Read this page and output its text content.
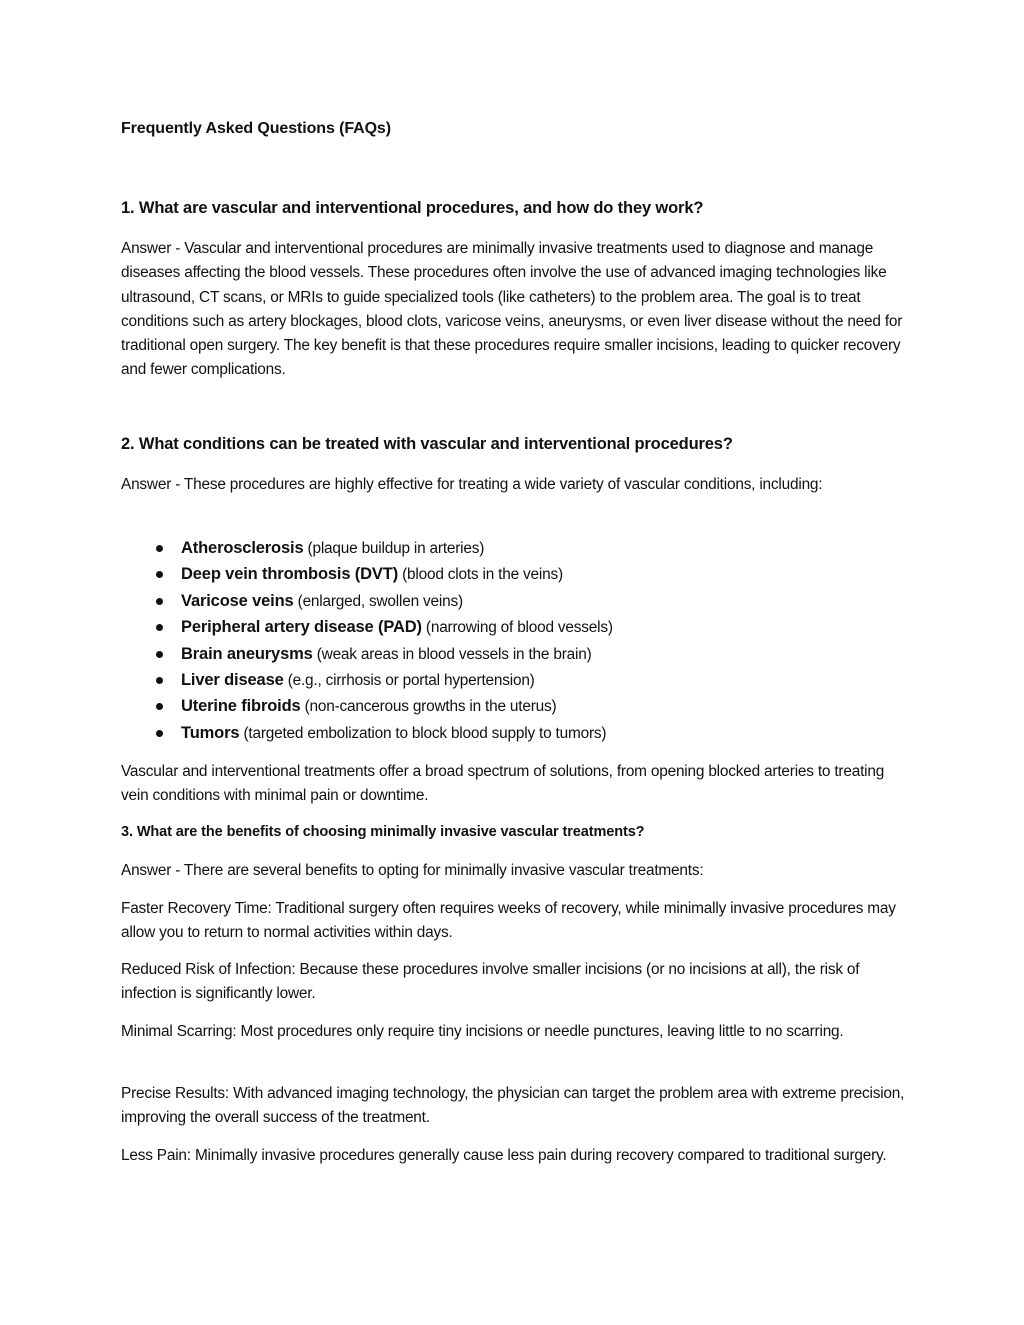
Frequently Asked Questions (FAQs)
1. What are vascular and interventional procedures, and how do they work?

Answer - Vascular and interventional procedures are minimally invasive treatments used to diagnose and manage diseases affecting the blood vessels. These procedures often involve the use of advanced imaging technologies like ultrasound, CT scans, or MRIs to guide specialized tools (like catheters) to the problem area. The goal is to treat conditions such as artery blockages, blood clots, varicose veins, aneurysms, or even liver disease without the need for traditional open surgery. The key benefit is that these procedures require smaller incisions, leading to quicker recovery and fewer complications.

2. What conditions can be treated with vascular and interventional procedures?

Answer - These procedures are highly effective for treating a wide variety of vascular conditions, including:

Atherosclerosis (plaque buildup in arteries)
Deep vein thrombosis (DVT) (blood clots in the veins)
Varicose veins (enlarged, swollen veins)
Peripheral artery disease (PAD) (narrowing of blood vessels)
Brain aneurysms (weak areas in blood vessels in the brain)
Liver disease (e.g., cirrhosis or portal hypertension)
Uterine fibroids (non-cancerous growths in the uterus)
Tumors (targeted embolization to block blood supply to tumors)

Vascular and interventional treatments offer a broad spectrum of solutions, from opening blocked arteries to treating vein conditions with minimal pain or downtime.

3. What are the benefits of choosing minimally invasive vascular treatments?

Answer - There are several benefits to opting for minimally invasive vascular treatments:

Faster Recovery Time: Traditional surgery often requires weeks of recovery, while minimally invasive procedures may allow you to return to normal activities within days.

Reduced Risk of Infection: Because these procedures involve smaller incisions (or no incisions at all), the risk of infection is significantly lower.

Minimal Scarring: Most procedures only require tiny incisions or needle punctures, leaving little to no scarring.

Precise Results: With advanced imaging technology, the physician can target the problem area with extreme precision, improving the overall success of the treatment.

Less Pain: Minimally invasive procedures generally cause less pain during recovery compared to traditional surgery.
